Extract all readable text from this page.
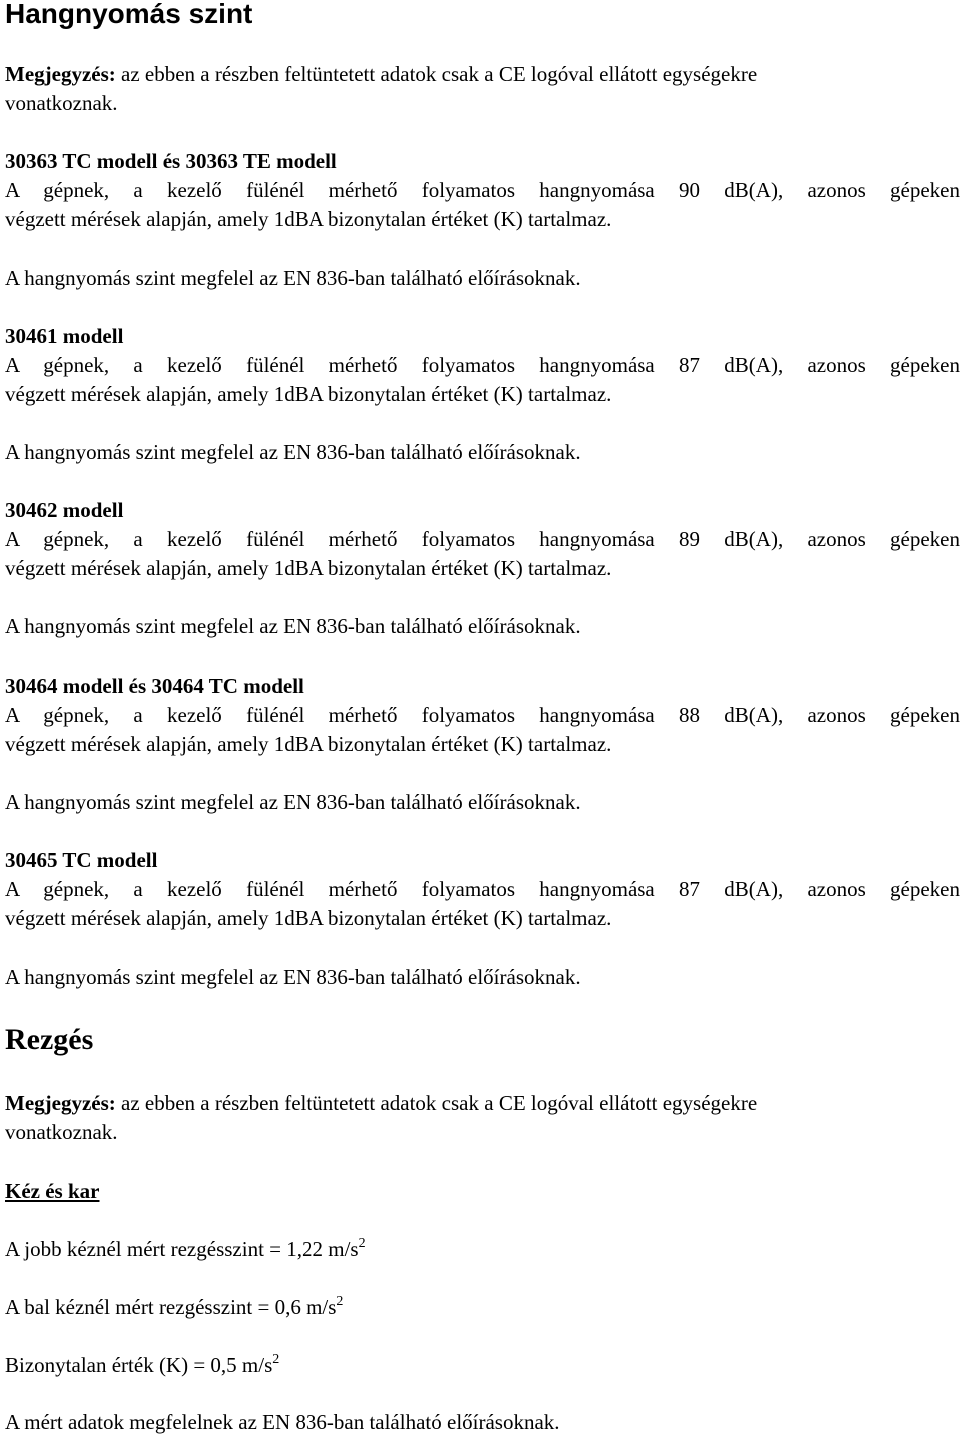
Hangnyomás szint
Megjegyzés: az ebben a részben feltüntetett adatok csak a CE logóval ellátott egységekre
vonatkoznak.
30363 TC modell és 30363 TE modell
A gépnek, a kezelő fülénél mérhető folyamatos hangnyomása 90 dB(A), azonos gépeken
végzett mérések alapján, amely 1dBA bizonytalan értéket (K) tartalmaz.
A hangnyomás szint megfelel az EN 836-ban található előírásoknak.
30461 modell
A gépnek, a kezelő fülénél mérhető folyamatos hangnyomása 87 dB(A), azonos gépeken
végzett mérések alapján, amely 1dBA bizonytalan értéket (K) tartalmaz.
A hangnyomás szint megfelel az EN 836-ban található előírásoknak.
30462 modell
A gépnek, a kezelő fülénél mérhető folyamatos hangnyomása 89 dB(A), azonos gépeken
végzett mérések alapján, amely 1dBA bizonytalan értéket (K) tartalmaz.
A hangnyomás szint megfelel az EN 836-ban található előírásoknak.
30464 modell és 30464 TC modell
A gépnek, a kezelő fülénél mérhető folyamatos hangnyomása 88 dB(A), azonos gépeken
végzett mérések alapján, amely 1dBA bizonytalan értéket (K) tartalmaz.
A hangnyomás szint megfelel az EN 836-ban található előírásoknak.
30465 TC modell
A gépnek, a kezelő fülénél mérhető folyamatos hangnyomása 87 dB(A), azonos gépeken
végzett mérések alapján, amely 1dBA bizonytalan értéket (K) tartalmaz.
A hangnyomás szint megfelel az EN 836-ban található előírásoknak.
Rezgés
Megjegyzés: az ebben a részben feltüntetett adatok csak a CE logóval ellátott egységekre
vonatkoznak.
Kéz és kar
A jobb kéznél mért rezgésszint = 1,22 $m/s^2$
A bal kéznél mért rezgésszint = 0,6 $m/s^2$
Bizonytalan érték (K) = 0,5 $m/s^2$
A mért adatok megfelelnek az EN 836-ban található előírásoknak.
